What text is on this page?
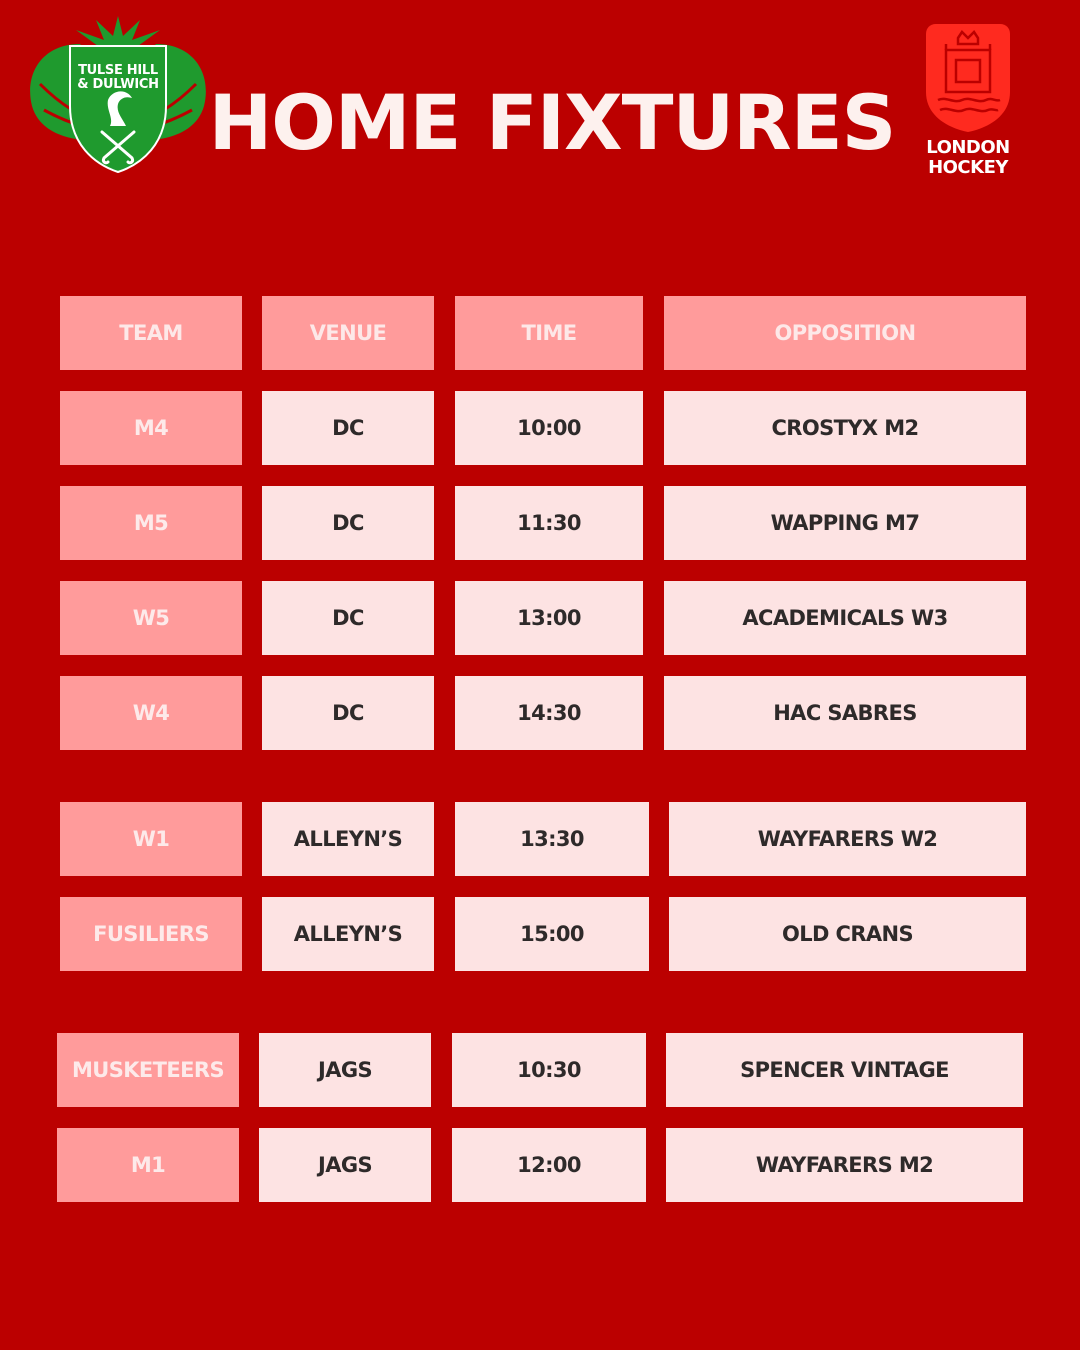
TULSE HILL
& DULWICH HOME FIXTURES	LONDON
HOCKEY
TEAM	VENUE	TIME	OPPOSITION
M4	DC	10:00	CROSTYX M2
M5	DC	11:30	WAPPING M7
W5	DC	13:00	ACADEMICALS W3
W4	DC	14:30	HAC SABRES
W1	ALLEYN’S	13:30	WAYFARERS W2
FUSILIERS	ALLEYN’S	15:00	OLD CRANS
MUSKETEERS	JAGS	10:30	SPENCER VINTAGE
M1	JAGS	12:00	WAYFARERS M2
